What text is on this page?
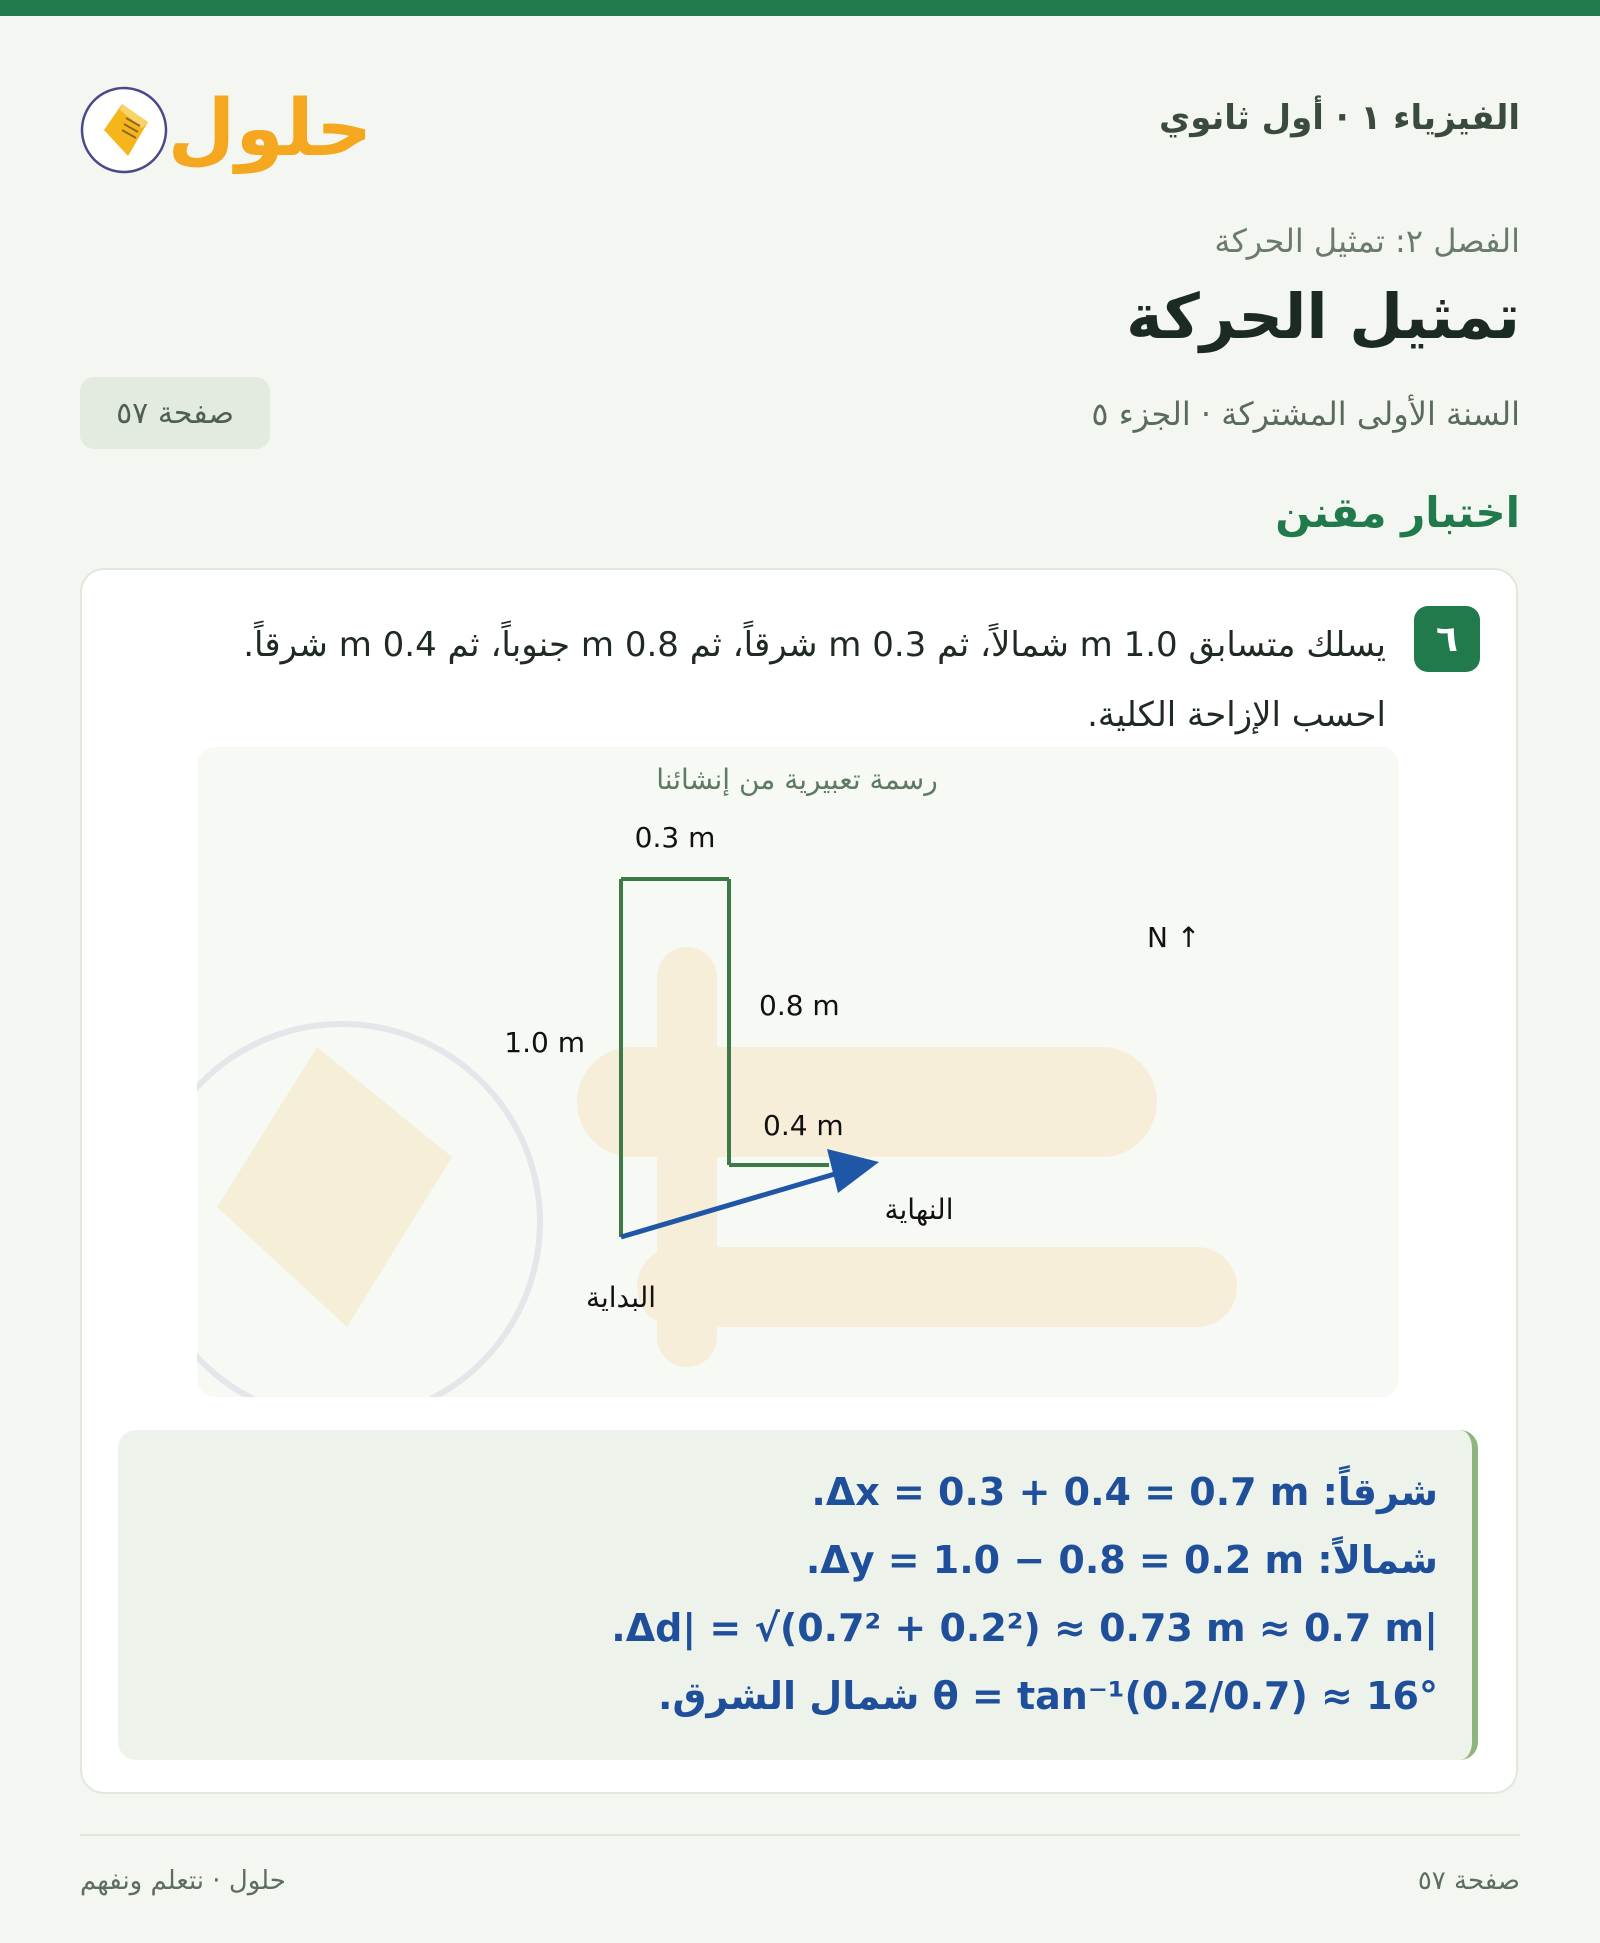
حلول	الفيزياء ١ · أول ثانوي
الفصل ٢: تمثيل الحركة
تمثيل الحركة
السنة الأولى المشتركة · الجزء ٥
صفحة ٥٧
اختبار مقنن
٦
يسلك متسابق 1.0 m شمالاً، ثم 0.3 m شرقاً، ثم 0.8 m جنوباً، ثم 0.4 m شرقاً.
احسب الإزاحة الكلية.
رسمة تعبيرية من إنشائنا
0.3 m
1.0 m
0.8 m
0.4 m
N ↑
البداية
النهاية
شرقاً: Δx = 0.3 + 0.4 = 0.7 m.
شمالاً: Δy = 1.0 − 0.8 = 0.2 m.
|Δd| = √(0.7² + 0.2²) ≈ 0.73 m ≈ 0.7 m.
θ = tan⁻¹(0.2/0.7) ≈ 16° شمال الشرق.
حلول · نتعلم ونفهم	صفحة ٥٧
